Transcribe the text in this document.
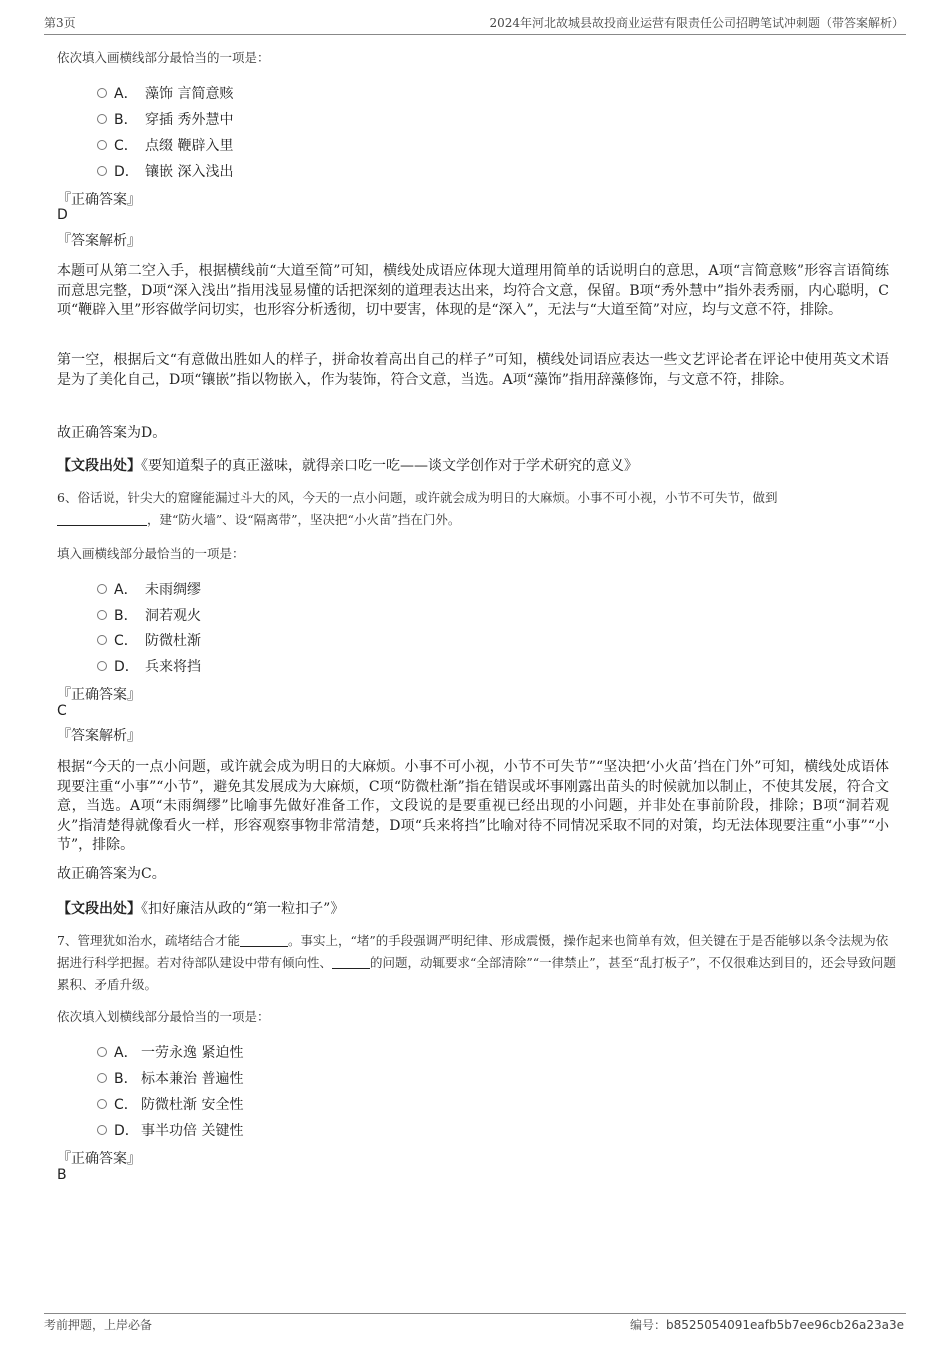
第3页	2024年河北故城县故投商业运营有限责任公司招聘笔试冲刺题（带答案解析）
依次填入画横线部分最恰当的一项是：
A． 藻饰 言简意赅
B． 穿插 秀外慧中
C． 点缀 鞭辟入里
D． 镶嵌 深入浅出
『正确答案』
D
『答案解析』
本题可从第二空入手，根据横线前“大道至简”可知，横线处成语应体现大道理用简单的话说明白的意思，A项“言简意赅”形容言语简练而意思完整，D项“深入浅出”指用浅显易懂的话把深刻的道理表达出来，均符合文意，保留。B项“秀外慧中”指外表秀丽，内心聪明，C项“鞭辟入里”形容做学问切实，也形容分析透彻，切中要害，体现的是“深入”，无法与“大道至简”对应，均与文意不符，排除。
第一空，根据后文“有意做出胜如人的样子，拼命妆着高出自己的样子”可知，横线处词语应表达一些文艺评论者在评论中使用英文术语是为了美化自己，D项“镶嵌”指以物嵌入，作为装饰，符合文意，当选。A项“藻饰”指用辞藻修饰，与文意不符，排除。
故正确答案为D。
【文段出处】《要知道梨子的真正滋味，就得亲口吃一吃——谈文学创作对于学术研究的意义》
6、俗话说，针尖大的窟窿能漏过斗大的风，今天的一点小问题，或许就会成为明日的大麻烦。小事不可小视，小节不可失节，做到
，建“防火墙”、设“隔离带”，坚决把“小火苗”挡在门外。
填入画横线部分最恰当的一项是：
A． 未雨绸缪
B． 洞若观火
C． 防微杜渐
D． 兵来将挡
『正确答案』
C
『答案解析』
根据“今天的一点小问题，或许就会成为明日的大麻烦。小事不可小视，小节不可失节”“坚决把‘小火苗’挡在门外”可知，横线处成语体现要注重“小事”“小节”，避免其发展成为大麻烦，C项“防微杜渐”指在错误或坏事刚露出苗头的时候就加以制止，不使其发展，符合文意，当选。A项“未雨绸缪”比喻事先做好准备工作，文段说的是要重视已经出现的小问题，并非处在事前阶段，排除；B项“洞若观火”指清楚得就像看火一样，形容观察事物非常清楚，D项“兵来将挡”比喻对待不同情况采取不同的对策，均无法体现要注重“小事”“小节”，排除。
故正确答案为C。
【文段出处】《扣好廉洁从政的“第一粒扣子”》
7、管理犹如治水，疏堵结合才能	。事实上，“堵”的手段强调严明纪律、形成震慑，操作起来也简单有效，但关键在于是否能够以条令法规为依据进行科学把握。若对待部队建设中带有倾向性、	的问题，动辄要求“全部清除”“一律禁止”，甚至“乱打板子”，不仅很难达到目的，还会导致问题累积、矛盾升级。
依次填入划横线部分最恰当的一项是：
A． 一劳永逸 紧迫性
B． 标本兼治 普遍性
C． 防微杜渐 安全性
D． 事半功倍 关键性
『正确答案』
B
考前押题，上岸必备	编号：b8525054091eafb5b7ee96cb26a23a3e
